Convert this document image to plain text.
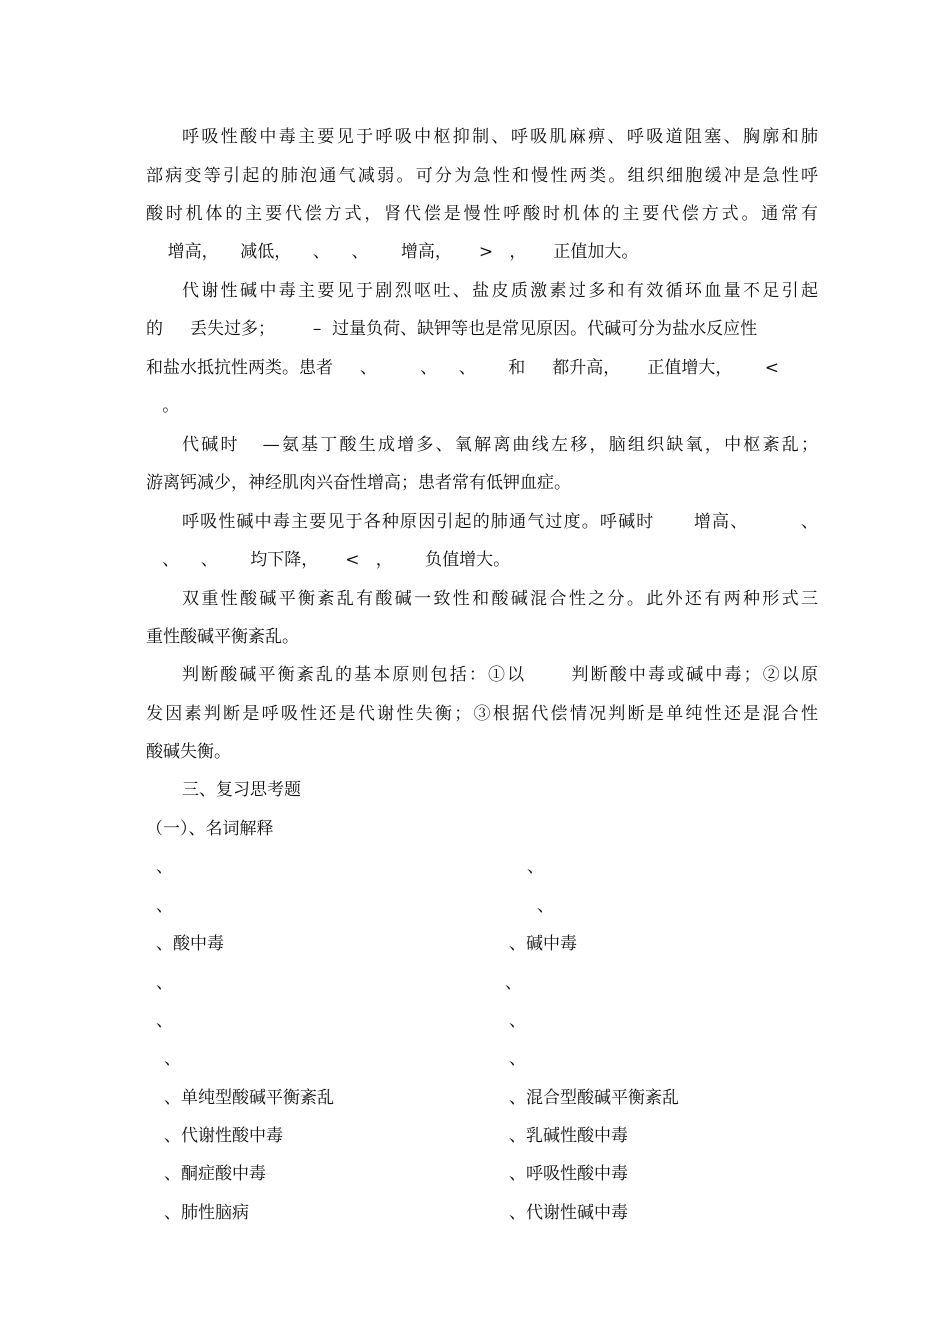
呼吸性酸中毒主要见于呼吸中枢抑制、呼吸肌麻痹、呼吸道阻塞、胸廓和肺
部病变等引起的肺泡通气减弱。可分为急性和慢性两类。组织细胞缓冲是急性呼
酸时机体的主要代偿方式，肾代偿是慢性呼酸时机体的主要代偿方式。通常有
增高，    减低，    、    、      增高，     >   ，     正值加大。
代谢性碱中毒主要见于剧烈呕吐、盐皮质激素过多和有效循环血量不足引起
的     丢失过多；       –  过量负荷、缺钾等也是常见原因。代碱可分为盐水反应性
和盐水抵抗性两类。患者     、        、    、      和     都升高，     正值增大，      <
。
代碱时   —氨基丁酸生成增多、氧解离曲线左移，脑组织缺氧，中枢紊乱；
游离钙减少，神经肌肉兴奋性增高；患者常有低钾血症。
呼吸性碱中毒主要见于各种原因引起的肺通气过度。呼碱时      增高、        、
、    、      均下降，     <   ，      负值增大。
双重性酸碱平衡紊乱有酸碱一致性和酸碱混合性之分。此外还有两种形式三
重性酸碱平衡紊乱。
判断酸碱平衡紊乱的基本原则包括：①以      判断酸中毒或碱中毒；②以原
发因素判断是呼吸性还是代谢性失衡；③根据代偿情况判断是单纯性还是混合性
酸碱失衡。
三、复习思考题
（一）、名词解释
、
、
、酸中毒
、
、
、
、单纯型酸碱平衡紊乱
、代谢性酸中毒
、酮症酸中毒
、肺性脑病
、
、
、碱中毒
、
、
、
、混合型酸碱平衡紊乱
、乳碱性酸中毒
、呼吸性酸中毒
、代谢性碱中毒
